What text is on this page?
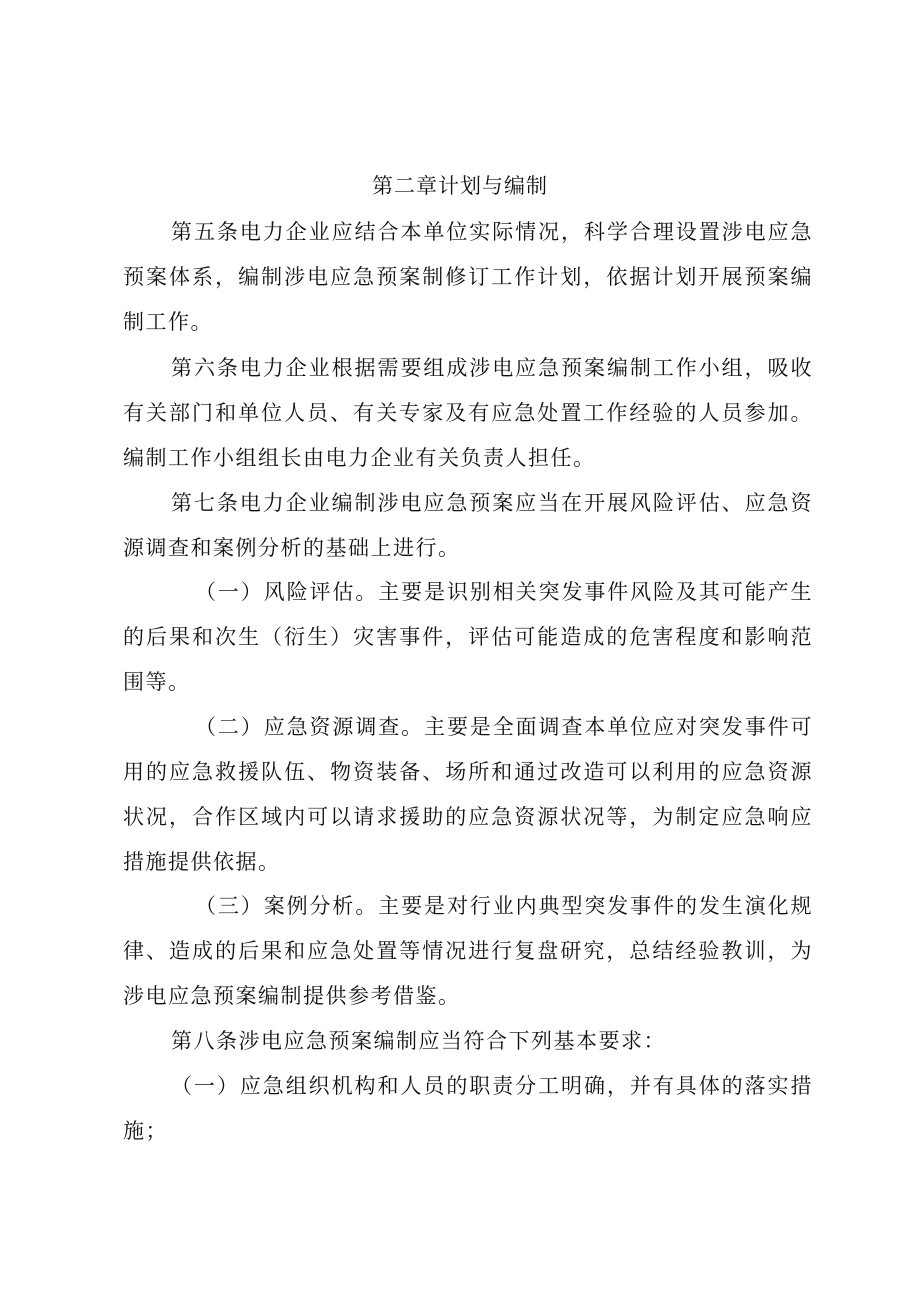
第二章计划与编制

第五条电力企业应结合本单位实际情况，科学合理设置涉电应急预案体系，编制涉电应急预案制修订工作计划，依据计划开展预案编制工作。

第六条电力企业根据需要组成涉电应急预案编制工作小组，吸收有关部门和单位人员、有关专家及有应急处置工作经验的人员参加。编制工作小组组长由电力企业有关负责人担任。

第七条电力企业编制涉电应急预案应当在开展风险评估、应急资源调查和案例分析的基础上进行。

（一）风险评估。主要是识别相关突发事件风险及其可能产生的后果和次生（衍生）灾害事件，评估可能造成的危害程度和影响范围等。

（二）应急资源调查。主要是全面调查本单位应对突发事件可用的应急救援队伍、物资装备、场所和通过改造可以利用的应急资源状况，合作区域内可以请求援助的应急资源状况等，为制定应急响应措施提供依据。

（三）案例分析。主要是对行业内典型突发事件的发生演化规律、造成的后果和应急处置等情况进行复盘研究，总结经验教训，为涉电应急预案编制提供参考借鉴。

第八条涉电应急预案编制应当符合下列基本要求：

（一）应急组织机构和人员的职责分工明确，并有具体的落实措施；
